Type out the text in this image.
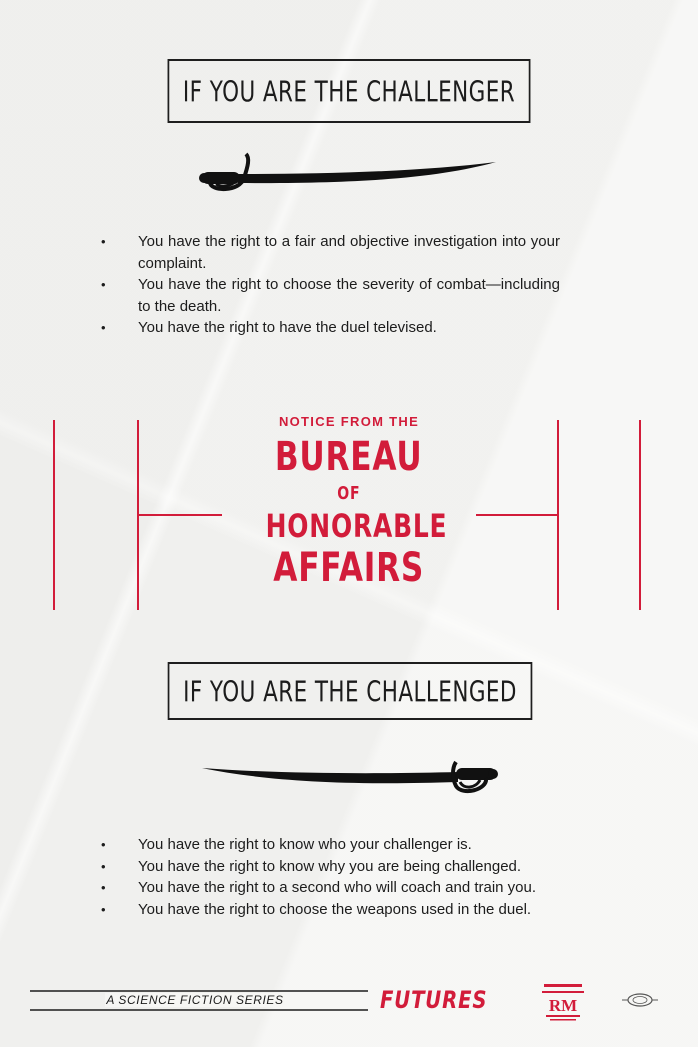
IF YOU ARE THE CHALLENGER
• You have the right to a fair and objective investigation into your complaint.
• You have the right to choose the severity of combat—including to the death.
• You have the right to have the duel televised.
NOTICE FROM THE
BUREAU
OF
HONORABLE
AFFAIRS
IF YOU ARE THE CHALLENGED
• You have the right to know who your challenger is.
• You have the right to know why you are being challenged.
• You have the right to a second who will coach and train you.
• You have the right to choose the weapons used in the duel.
A SCIENCE FICTION SERIES	FUTURES	RM
